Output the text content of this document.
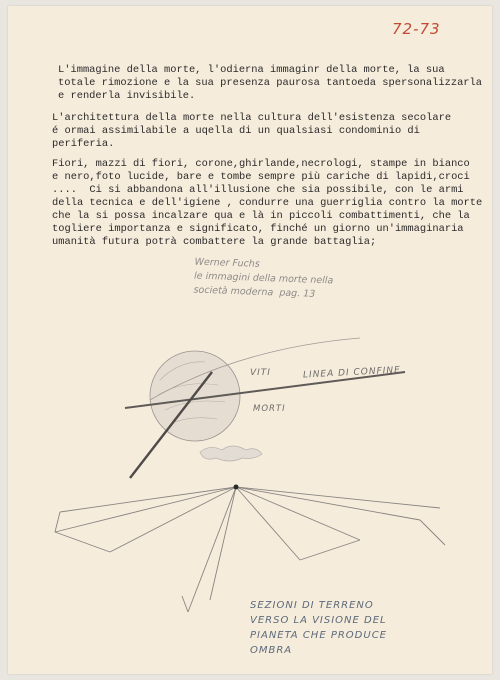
72-73
L'immagine della morte, l'odierna immaginr della morte, la sua
totale rimozione e la sua presenza paurosa tantoeda spersonalizzarla
e renderla invisibile.
L'architettura della morte nella cultura dell'esistenza secolare
é ormai assimilabile a uqella di un qualsiasi condominio di
periferia.
Fiori, mazzi di fiori, corone,ghirlande,necrologi, stampe in bianco
e nero,foto lucide, bare e tombe sempre più cariche di lapidi,croci
....  Ci si abbandona all'illusione che sia possibile, con le armi
della tecnica e dell'igiene , condurre una guerriglia contro la morte
che la si possa incalzare qua e là in piccoli combattimenti, che la
togliere importanza e significato, finché un giorno un'immaginaria
umanità futura potrà combattere la grande battaglia;
Werner Fuchs
le immagini della morte nella
società moderna  pag. 13
VITI	LINEA DI CONFINE
MORTI
SEZIONI DI TERRENO
VERSO LA VISIONE DEL
PIANETA CHE PRODUCE
OMBRA
